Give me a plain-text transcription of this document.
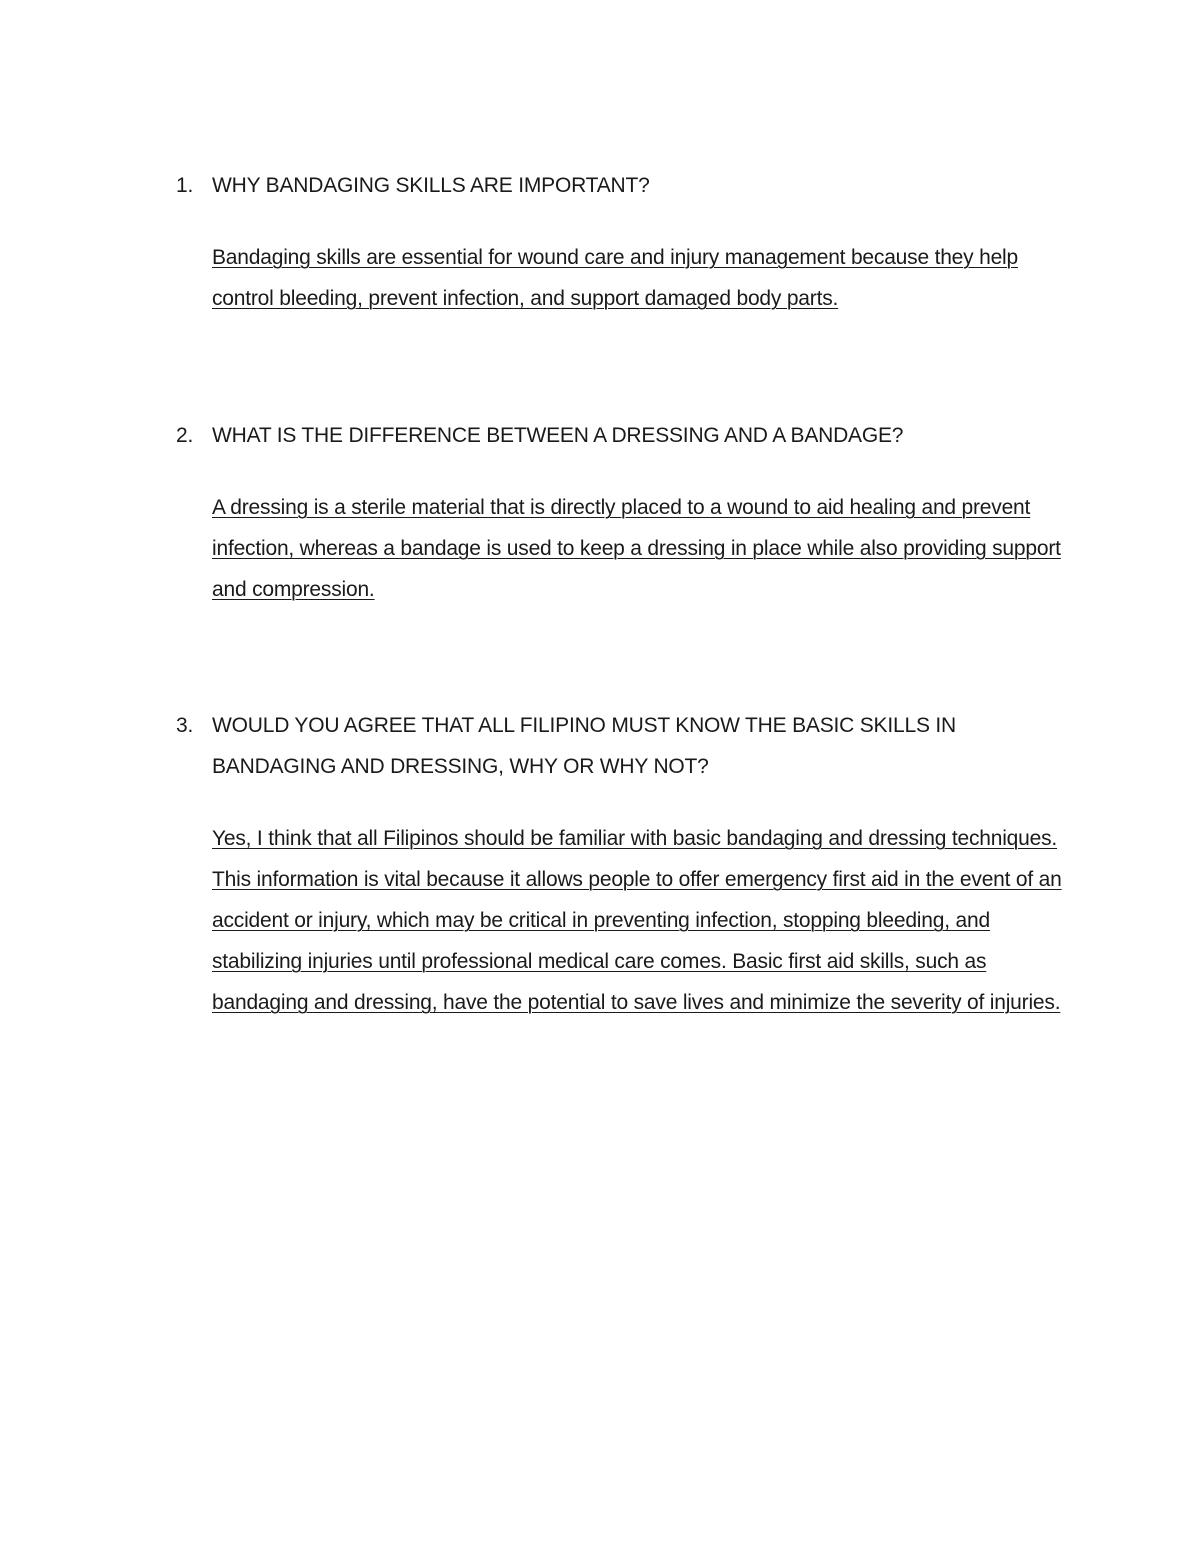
1. WHY BANDAGING SKILLS ARE IMPORTANT?
Bandaging skills are essential for wound care and injury management because they help control bleeding, prevent infection, and support damaged body parts.
2. WHAT IS THE DIFFERENCE BETWEEN A DRESSING AND A BANDAGE?
A dressing is a sterile material that is directly placed to a wound to aid healing and prevent infection, whereas a bandage is used to keep a dressing in place while also providing support and compression.
3. WOULD YOU AGREE THAT ALL FILIPINO MUST KNOW THE BASIC SKILLS IN BANDAGING AND DRESSING, WHY OR WHY NOT?
Yes, I think that all Filipinos should be familiar with basic bandaging and dressing techniques. This information is vital because it allows people to offer emergency first aid in the event of an accident or injury, which may be critical in preventing infection, stopping bleeding, and stabilizing injuries until professional medical care comes. Basic first aid skills, such as bandaging and dressing, have the potential to save lives and minimize the severity of injuries.
